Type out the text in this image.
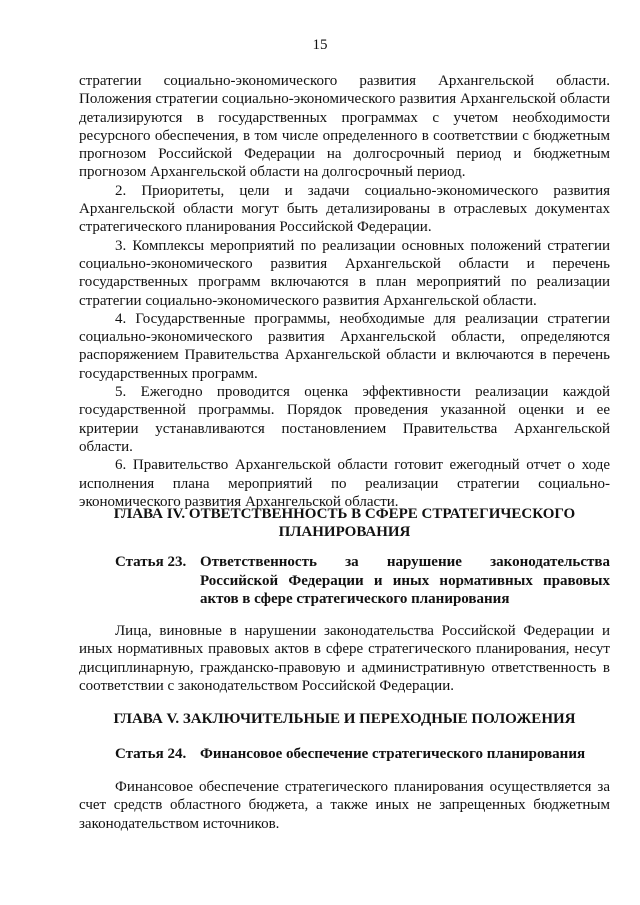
15

стратегии социально-экономического развития Архангельской области. Положения стратегии социально-экономического развития Архангельской области детализируются в государственных программах с учетом необходимости ресурсного обеспечения, в том числе определенного в соответствии с бюджетным прогнозом Российской Федерации на долгосрочный период и бюджетным прогнозом Архангельской области на долгосрочный период.

2. Приоритеты, цели и задачи социально-экономического развития Архангельской области могут быть детализированы в отраслевых документах стратегического планирования Российской Федерации.

3. Комплексы мероприятий по реализации основных положений стратегии социально-экономического развития Архангельской области и перечень государственных программ включаются в план мероприятий по реализации стратегии социально-экономического развития Архангельской области.

4. Государственные программы, необходимые для реализации стратегии социально-экономического развития Архангельской области, определяются распоряжением Правительства Архангельской области и включаются в перечень государственных программ.

5. Ежегодно проводится оценка эффективности реализации каждой государственной программы. Порядок проведения указанной оценки и ее критерии устанавливаются постановлением Правительства Архангельской области.

6. Правительство Архангельской области готовит ежегодный отчет о ходе исполнения плана мероприятий по реализации стратегии социально-экономического развития Архангельской области.

ГЛАВА IV. ОТВЕТСТВЕННОСТЬ В СФЕРЕ СТРАТЕГИЧЕСКОГО
ПЛАНИРОВАНИЯ
Статья 23. Ответственность за нарушение законодательства Российской Федерации и иных нормативных правовых актов в сфере стратегического планирования

Лица, виновные в нарушении законодательства Российской Федерации и иных нормативных правовых актов в сфере стратегического планирования, несут дисциплинарную, гражданско-правовую и административную ответственность в соответствии с законодательством Российской Федерации.

ГЛАВА V. ЗАКЛЮЧИТЕЛЬНЫЕ И ПЕРЕХОДНЫЕ ПОЛОЖЕНИЯ
Статья 24. Финансовое обеспечение стратегического планирования

Финансовое обеспечение стратегического планирования осуществляется за счет средств областного бюджета, а также иных не запрещенных бюджетным законодательством источников.
